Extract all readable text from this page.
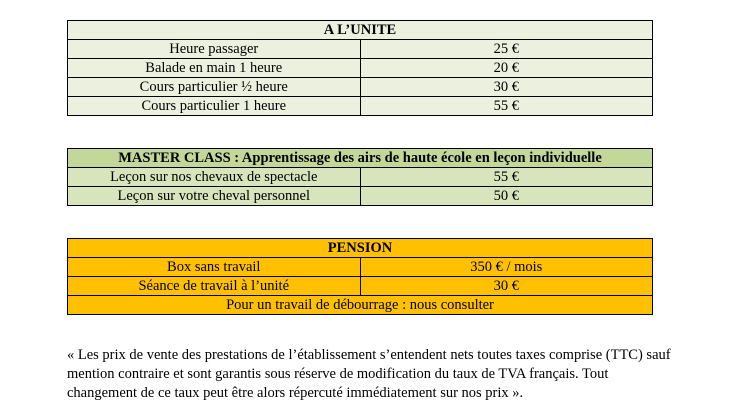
A L’UNITE	
Heure passager	25 €
Balade en main 1 heure	20 €
Cours particulier ½ heure	30 €
Cours particulier 1 heure	55 €
MASTER CLASS : Apprentissage des airs de haute école en leçon individuelle	
Leçon sur nos chevaux de spectacle	55 €
Leçon sur votre cheval personnel	50 €
PENSION	
Box sans travail	350 € / mois
Séance de travail à l’unité	30 €
Pour un travail de débourrage : nous consulter	

« Les prix de vente des prestations de l’établissement s’entendent nets toutes taxes comprise (TTC) sauf mention contraire et sont garantis sous réserve de modification du taux de TVA français. Tout changement de ce taux peut être alors répercuté immédiatement sur nos prix ».
